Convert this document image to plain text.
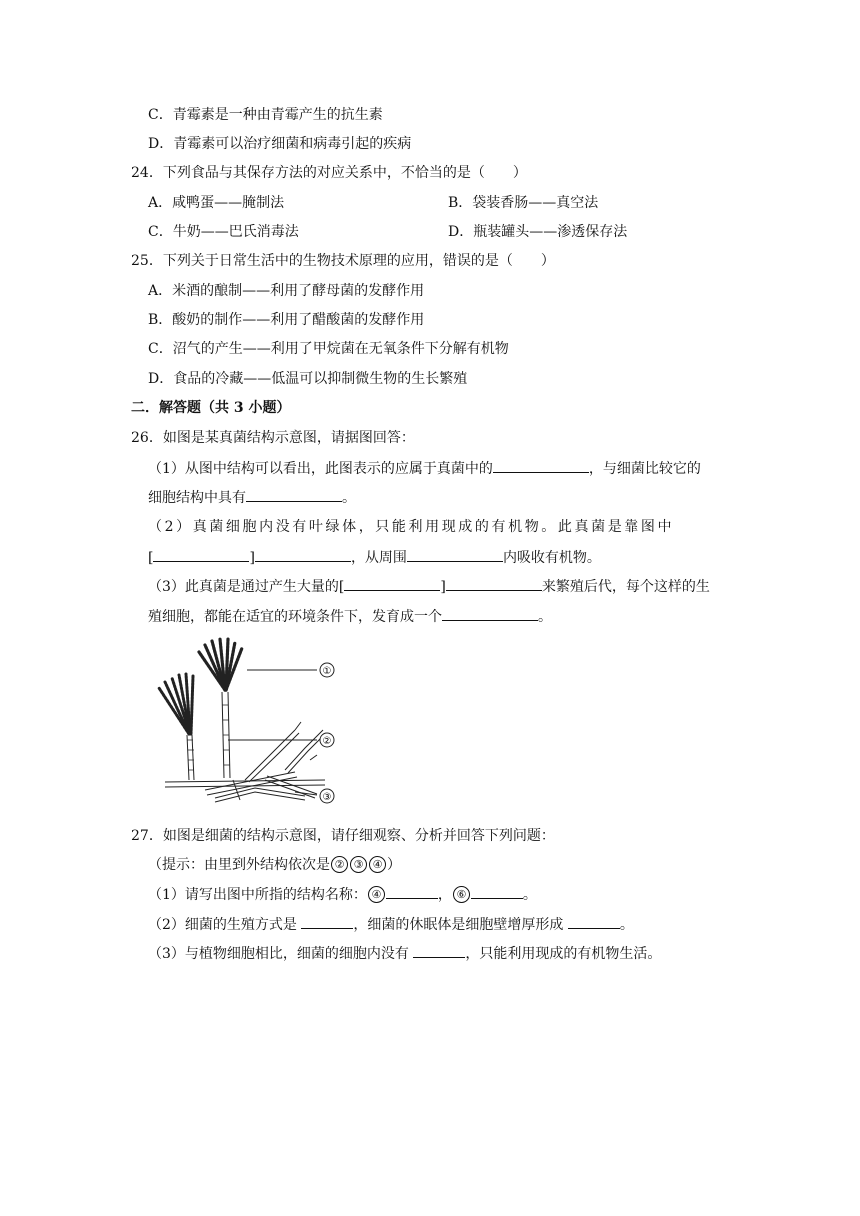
C．青霉素是一种由青霉产生的抗生素
D．青霉素可以治疗细菌和病毒引起的疾病
24．下列食品与其保存方法的对应关系中，不恰当的是（　　）
A．咸鸭蛋——腌制法	B．袋装香肠——真空法
C．牛奶——巴氏消毒法	D．瓶装罐头——渗透保存法
25．下列关于日常生活中的生物技术原理的应用，错误的是（　　）
A．米酒的酿制——利用了酵母菌的发酵作用
B．酸奶的制作——利用了醋酸菌的发酵作用
C．沼气的产生——利用了甲烷菌在无氧条件下分解有机物
D．食品的冷藏——低温可以抑制微生物的生长繁殖
二．解答题（共 3 小题）
26．如图是某真菌结构示意图，请据图回答：
（1）从图中结构可以看出，此图表示的应属于真菌中的	，与细菌比较它的
细胞结构中具有	。
（2）真菌细胞内没有叶绿体，只能利用现成的有机物。此真菌是靠图中
[	]	，从周围	内吸收有机物。
（3）此真菌是通过产生大量的[	]	来繁殖后代，每个这样的生
殖细胞，都能在适宜的环境条件下，发育成一个	。
①
②
③
27．如图是细菌的结构示意图，请仔细观察、分析并回答下列问题：
（提示：由里到外结构依次是 ② ③ ④ ）
（1）请写出图中所指的结构名称： ④	， ⑥	。
（2）细菌的生殖方式是	，细菌的休眠体是细胞壁增厚形成	。
（3）与植物细胞相比，细菌的细胞内没有	，只能利用现成的有机物生活。
